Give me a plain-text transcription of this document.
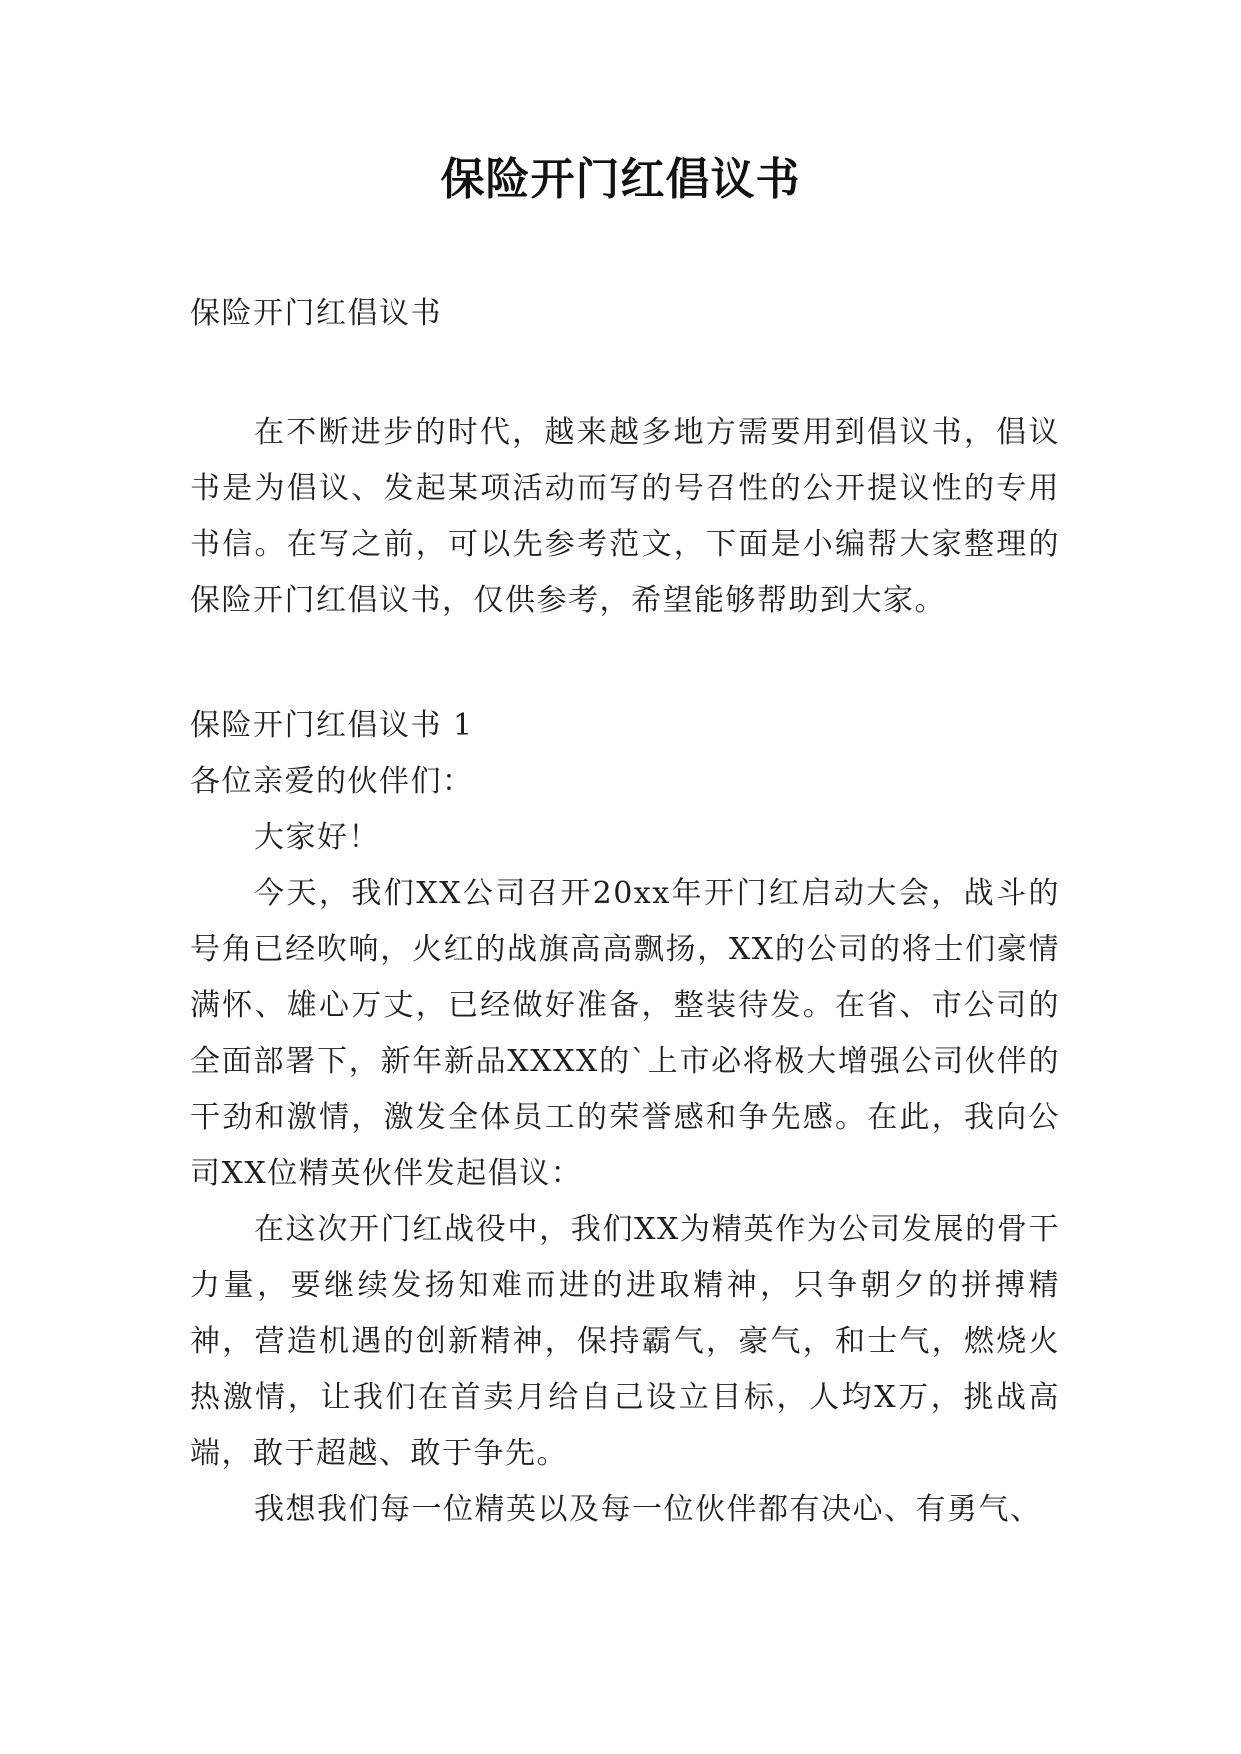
保险开门红倡议书

保险开门红倡议书

在不断进步的时代，越来越多地方需要用到倡议书，倡议书是为倡议、发起某项活动而写的号召性的公开提议性的专用书信。在写之前，可以先参考范文，下面是小编帮大家整理的保险开门红倡议书，仅供参考，希望能够帮助到大家。

保险开门红倡议书 1

各位亲爱的伙伴们：

大家好！

今天，我们XX公司召开20xx年开门红启动大会，战斗的号角已经吹响，火红的战旗高高飘扬，XX的公司的将士们豪情满怀、雄心万丈，已经做好准备，整装待发。在省、市公司的全面部署下，新年新品XXXX的`上市必将极大增强公司伙伴的干劲和激情，激发全体员工的荣誉感和争先感。在此，我向公司XX位精英伙伴发起倡议：

在这次开门红战役中，我们XX为精英作为公司发展的骨干力量，要继续发扬知难而进的进取精神，只争朝夕的拼搏精神，营造机遇的创新精神，保持霸气，豪气，和士气，燃烧火热激情，让我们在首卖月给自己设立目标，人均X万，挑战高端，敢于超越、敢于争先。

我想我们每一位精英以及每一位伙伴都有决心、有勇气、
